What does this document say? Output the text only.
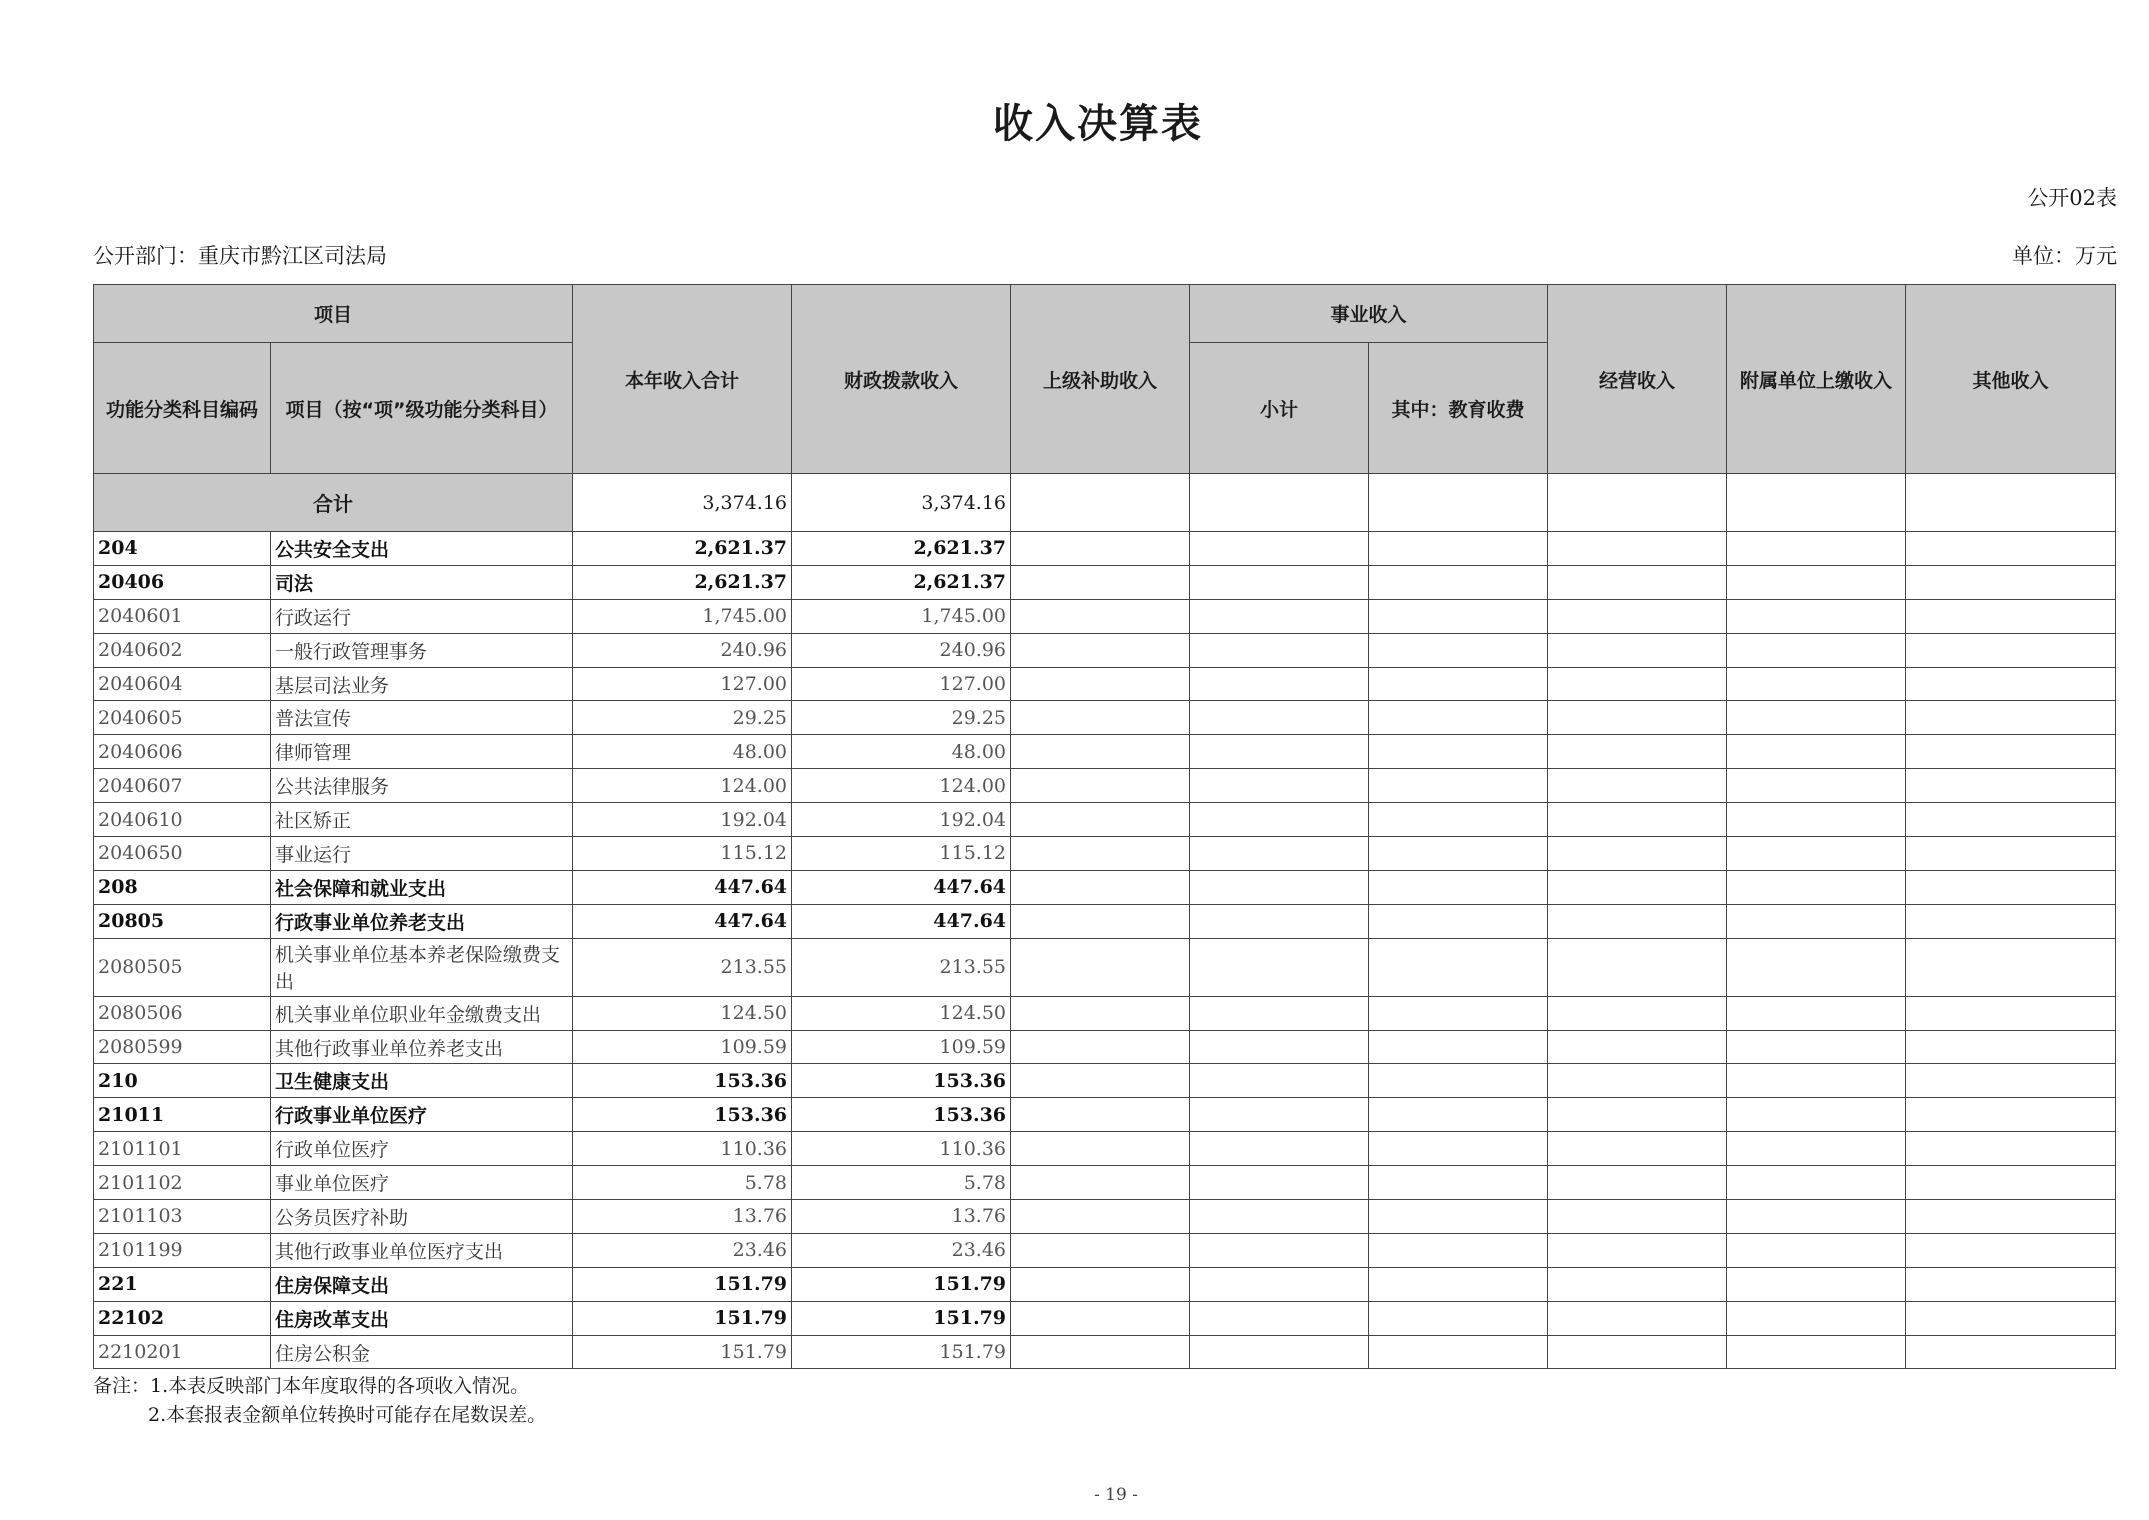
收入决算表
公开02表
公开部门：重庆市黔江区司法局	单位：万元
项目		本年收入合计	财政拨款收入	上级补助收入	事业收入		经营收入	附属单位上缴收入	其他收入
功能分类科目编码	项目（按“项”级功能分类科目）				小计	其中：教育收费			
合计		3,374.16	3,374.16						
204	公共安全支出	2,621.37	2,621.37						
20406	司法	2,621.37	2,621.37						
2040601	行政运行	1,745.00	1,745.00						
2040602	一般行政管理事务	240.96	240.96						
2040604	基层司法业务	127.00	127.00						
2040605	普法宣传	29.25	29.25						
2040606	律师管理	48.00	48.00						
2040607	公共法律服务	124.00	124.00						
2040610	社区矫正	192.04	192.04						
2040650	事业运行	115.12	115.12						
208	社会保障和就业支出	447.64	447.64						
20805	行政事业单位养老支出	447.64	447.64						
2080505	机关事业单位基本养老保险缴费支出	213.55	213.55						
2080506	机关事业单位职业年金缴费支出	124.50	124.50						
2080599	其他行政事业单位养老支出	109.59	109.59						
210	卫生健康支出	153.36	153.36						
21011	行政事业单位医疗	153.36	153.36						
2101101	行政单位医疗	110.36	110.36						
2101102	事业单位医疗	5.78	5.78						
2101103	公务员医疗补助	13.76	13.76						
2101199	其他行政事业单位医疗支出	23.46	23.46						
221	住房保障支出	151.79	151.79						
22102	住房改革支出	151.79	151.79						
2210201	住房公积金	151.79	151.79						
备注：1.本表反映部门本年度取得的各项收入情况。
2.本套报表金额单位转换时可能存在尾数误差。
- 19 -
